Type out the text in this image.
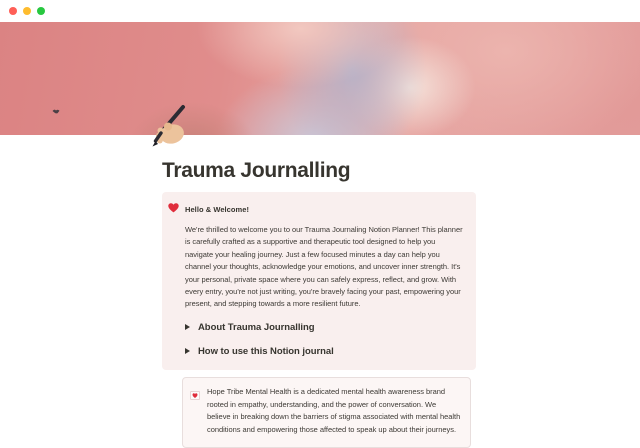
Trauma Journalling
Hello & Welcome!
We're thrilled to welcome you to our Trauma Journaling Notion Planner! This planner is carefully crafted as a supportive and therapeutic tool designed to help you navigate your healing journey. Just a few focused minutes a day can help you channel your thoughts, acknowledge your emotions, and uncover inner strength. It's your personal, private space where you can safely express, reflect, and grow. With every entry, you're not just writing, you're bravely facing your past, empowering your present, and stepping towards a more resilient future.
About Trauma Journalling
How to use this Notion journal
Hope Tribe Mental Health is a dedicated mental health awareness brand rooted in empathy, understanding, and the power of conversation. We believe in breaking down the barriers of stigma associated with mental health conditions and empowering those affected to speak up about their journeys.
